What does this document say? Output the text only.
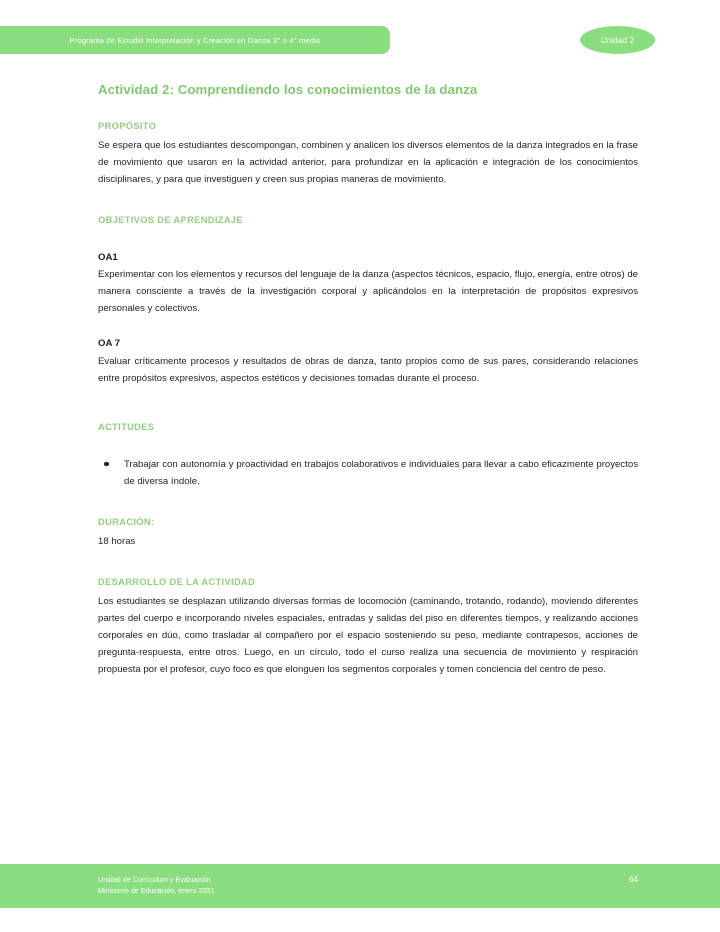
Programa de Estudio Interpretación y Creación en Danza 3° o 4° medio	Unidad 2
Actividad 2: Comprendiendo los conocimientos de la danza
PROPÓSITO

Se espera que los estudiantes descompongan, combinen y analicen los diversos elementos de la danza integrados en la frase de movimiento que usaron en la actividad anterior, para profundizar en la aplicación e integración de los conocimientos disciplinares, y para que investiguen y creen sus propias maneras de movimiento.

OBJETIVOS DE APRENDIZAJE
OA1

Experimentar con los elementos y recursos del lenguaje de la danza (aspectos técnicos, espacio, flujo, energía, entre otros) de manera consciente a través de la investigación corporal y aplicándolos en la interpretación de propósitos expresivos personales y colectivos.

OA 7

Evaluar críticamente procesos y resultados de obras de danza, tanto propios como de sus pares, considerando relaciones entre propósitos expresivos, aspectos estéticos y decisiones tomadas durante el proceso.

ACTITUDES
Trabajar con autonomía y proactividad en trabajos colaborativos e individuales para llevar a cabo eficazmente proyectos de diversa índole.
DURACIÓN:

18 horas

DESARROLLO DE LA ACTIVIDAD

Los estudiantes se desplazan utilizando diversas formas de locomoción (caminando, trotando, rodando), moviendo diferentes partes del cuerpo e incorporando niveles espaciales, entradas y salidas del piso en diferentes tiempos, y realizando acciones corporales en dúo, como trasladar al compañero por el espacio sosteniendo su peso, mediante contrapesos, acciones de pregunta-respuesta, entre otros. Luego, en un círculo, todo el curso realiza una secuencia de movimiento y respiración propuesta por el profesor, cuyo foco es que elonguen los segmentos corporales y tomen conciencia del centro de peso.

Unidad de Currículum y Evaluación
Ministerio de Educación, enero 2021
64
